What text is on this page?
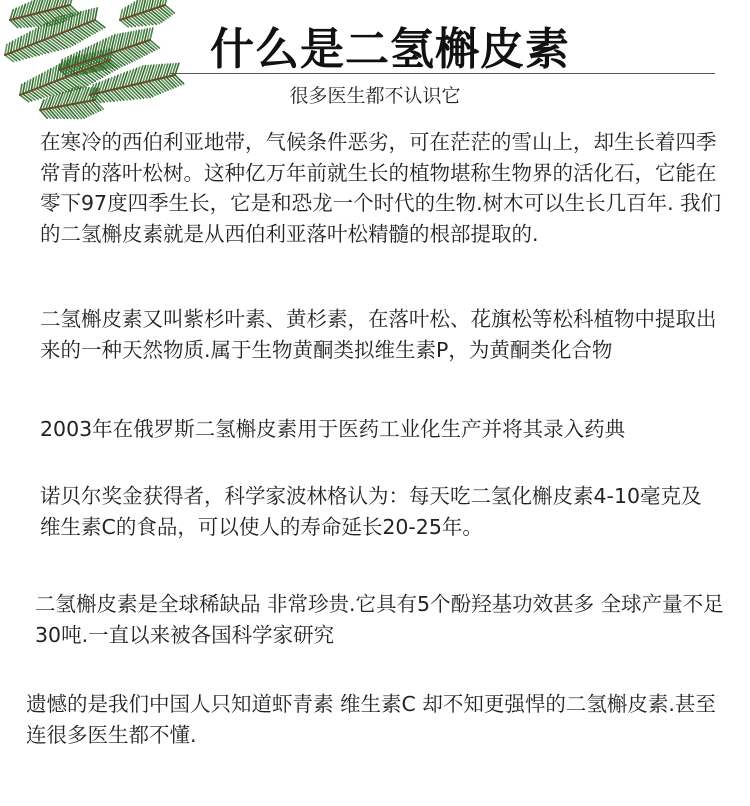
什么是二氢槲皮素
很多医生都不认识它

在寒冷的西伯利亚地带，气候条件恶劣，可在茫茫的雪山上，却生长着四季常青的落叶松树。这种亿万年前就生长的植物堪称生物界的活化石，它能在零下97度四季生长，它是和恐龙一个时代的生物.树木可以生长几百年. 我们的二氢槲皮素就是从西伯利亚落叶松精髓的根部提取的.

二氢槲皮素又叫紫杉叶素、黄杉素，在落叶松、花旗松等松科植物中提取出来的一种天然物质.属于生物黄酮类拟维生素P，为黄酮类化合物

2003年在俄罗斯二氢槲皮素用于医药工业化生产并将其录入药典

诺贝尔奖金获得者，科学家波林格认为：每天吃二氢化槲皮素4-10毫克及维生素C的食品，可以使人的寿命延长20-25年。

二氢槲皮素是全球稀缺品 非常珍贵.它具有5个酚羟基功效甚多 全球产量不足30吨.一直以来被各国科学家研究

遗憾的是我们中国人只知道虾青素 维生素C 却不知更强悍的二氢槲皮素.甚至连很多医生都不懂.
